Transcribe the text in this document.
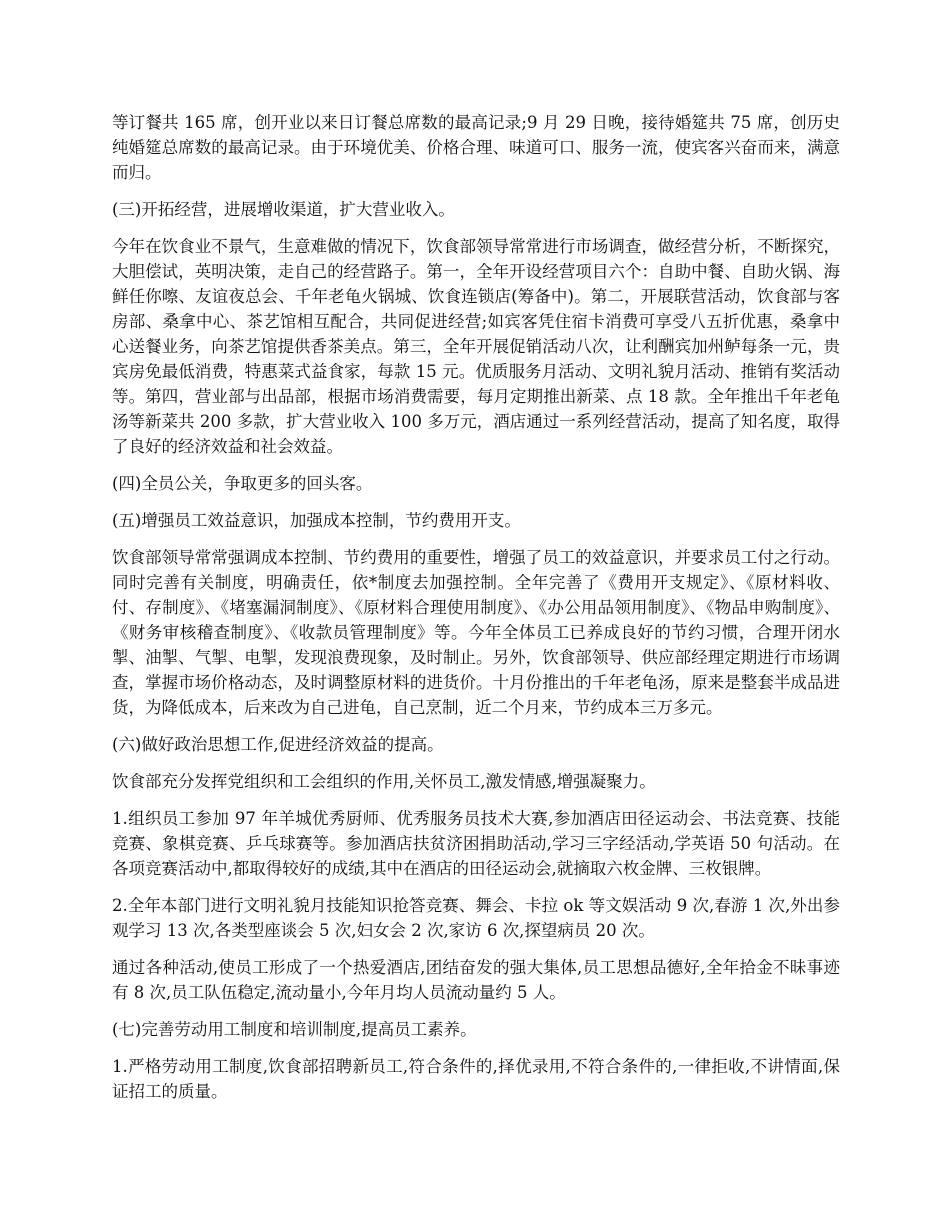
等订餐共 165 席，创开业以来日订餐总席数的最高记录;9 月 29 日晚，接待婚筵共 75 席，创历史纯婚筵总席数的最高记录。由于环境优美、价格合理、味道可口、服务一流，使宾客兴奋而来，满意而归。

(三)开拓经营，进展增收渠道，扩大营业收入。

今年在饮食业不景气，生意难做的情况下，饮食部领导常常进行市场调查，做经营分析，不断探究，大胆偿试，英明决策，走自己的经营路子。第一，全年开设经营项目六个：自助中餐、自助火锅、海鲜任你嚓、友谊夜总会、千年老龟火锅城、饮食连锁店(筹备中)。第二，开展联营活动，饮食部与客房部、桑拿中心、茶艺馆相互配合，共同促进经营;如宾客凭住宿卡消费可享受八五折优惠，桑拿中心送餐业务，向茶艺馆提供香茶美点。第三，全年开展促销活动八次，让利酬宾加州鲈每条一元，贵宾房免最低消费，特惠菜式益食家，每款 15 元。优质服务月活动、文明礼貌月活动、推销有奖活动等。第四，营业部与出品部，根据市场消费需要，每月定期推出新菜、点 18 款。全年推出千年老龟汤等新菜共 200 多款，扩大营业收入 100 多万元，酒店通过一系列经营活动，提高了知名度，取得了良好的经济效益和社会效益。

(四)全员公关，争取更多的回头客。

(五)增强员工效益意识，加强成本控制，节约费用开支。

饮食部领导常常强调成本控制、节约费用的重要性，增强了员工的效益意识，并要求员工付之行动。同时完善有关制度，明确责任，依*制度去加强控制。全年完善了《费用开支规定》、《原材料收、付、存制度》、《堵塞漏洞制度》、《原材料合理使用制度》、《办公用品领用制度》、《物品申购制度》、《财务审核稽查制度》、《收款员管理制度》等。今年全体员工已养成良好的节约习惯，合理开闭水掣、油掣、气掣、电掣，发现浪费现象，及时制止。另外，饮食部领导、供应部经理定期进行市场调查，掌握市场价格动态，及时调整原材料的进货价。十月份推出的千年老龟汤，原来是整套半成品进货，为降低成本，后来改为自己进龟，自己烹制，近二个月来，节约成本三万多元。

(六)做好政治思想工作,促进经济效益的提高。

饮食部充分发挥党组织和工会组织的作用,关怀员工,激发情感,增强凝聚力。

1.组织员工参加 97 年羊城优秀厨师、优秀服务员技术大赛,参加酒店田径运动会、书法竞赛、技能竞赛、象棋竞赛、乒乓球赛等。参加酒店扶贫济困捐助活动,学习三字经活动,学英语 50 句活动。在各项竞赛活动中,都取得较好的成绩,其中在酒店的田径运动会,就摘取六枚金牌、三枚银牌。

2.全年本部门进行文明礼貌月技能知识抢答竞赛、舞会、卡拉 ok 等文娱活动 9 次,春游 1 次,外出参观学习 13 次,各类型座谈会 5 次,妇女会 2 次,家访 6 次,探望病员 20 次。

通过各种活动,使员工形成了一个热爱酒店,团结奋发的强大集体,员工思想品德好,全年拾金不昧事迹有 8 次,员工队伍稳定,流动量小,今年月均人员流动量约 5 人。

(七)完善劳动用工制度和培训制度,提高员工素养。

1.严格劳动用工制度,饮食部招聘新员工,符合条件的,择优录用,不符合条件的,一律拒收,不讲情面,保证招工的质量。
